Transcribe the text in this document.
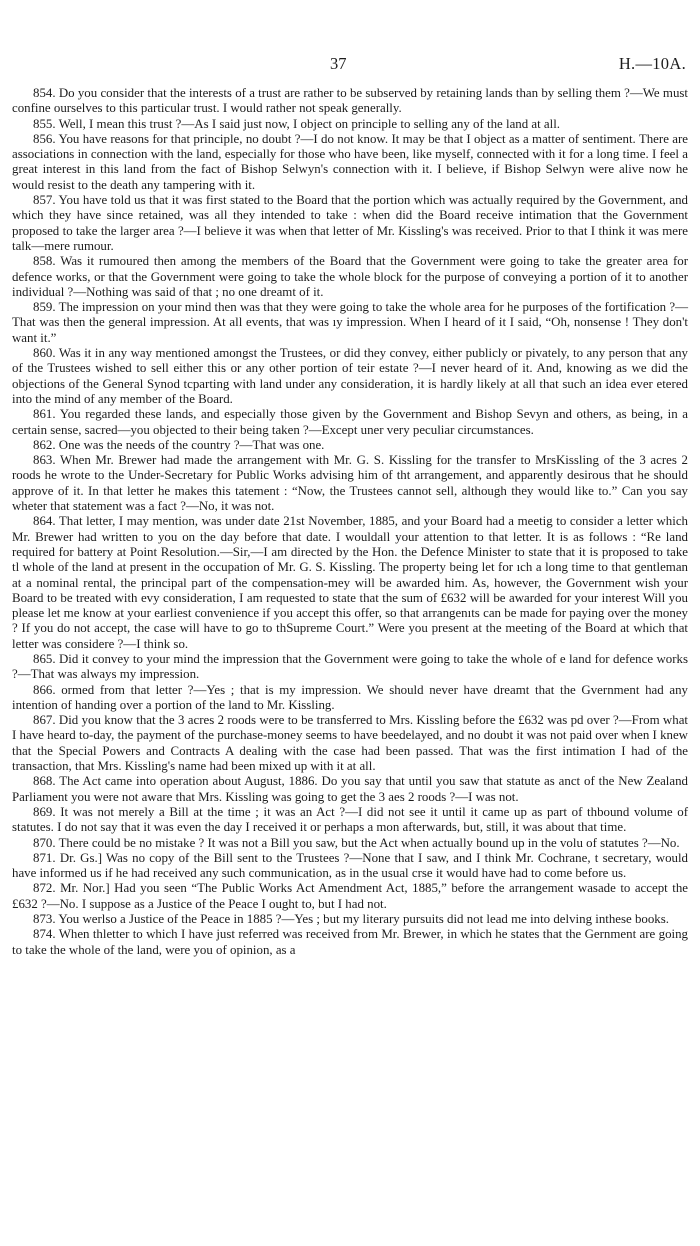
37	H.—10A.

854. Do you consider that the interests of a trust are rather to be subserved by retaining lands than by selling them ?—We must confine ourselves to this particular trust. I would rather not speak generally.

855. Well, I mean this trust ?—As I said just now, I object on principle to selling any of the land at all.

856. You have reasons for that principle, no doubt ?—I do not know. It may be that I object as a matter of sentiment. There are associations in connection with the land, especially for those who have been, like myself, connected with it for a long time. I feel a great interest in this land from the fact of Bishop Selwyn's connection with it. I believe, if Bishop Selwyn were alive now he would resist to the death any tampering with it.

857. You have told us that it was first stated to the Board that the portion which was actually required by the Government, and which they have since retained, was all they intended to take : when did the Board receive intimation that the Government proposed to take the larger area ?—I believe it was when that letter of Mr. Kissling's was received. Prior to that I think it was mere talk—mere rumour.

858. Was it rumoured then among the members of the Board that the Government were going to take the greater area for defence works, or that the Government were going to take the whole block for the purpose of conveying a portion of it to another individual ?—Nothing was said of that ; no one dreamt of it.

859. The impression on your mind then was that they were going to take the whole area for he purposes of the fortification ?—That was then the general impression. At all events, that was ıy impression. When I heard of it I said, “Oh, nonsense ! They don't want it.”

860. Was it in any way mentioned amongst the Trustees, or did they convey, either publicly or pivately, to any person that any of the Trustees wished to sell either this or any other portion of teir estate ?—I never heard of it. And, knowing as we did the objections of the General Synod tcparting with land under any consideration, it is hardly likely at all that such an idea ever etered into the mind of any member of the Board.

861. You regarded these lands, and especially those given by the Government and Bishop Sevyn and others, as being, in a certain sense, sacred—you objected to their being taken ?—Except uner very peculiar circumstances.

862. One was the needs of the country ?—That was one.

863. When Mr. Brewer had made the arrangement with Mr. G. S. Kissling for the transfer to MrsKissling of the 3 acres 2 roods he wrote to the Under-Secretary for Public Works advising him of tht arrangement, and apparently desirous that he should approve of it. In that letter he makes this tatement : “Now, the Trustees cannot sell, although they would like to.” Can you say wheter that statement was a fact ?—No, it was not.

864. That letter, I may mention, was under date 21st November, 1885, and your Board had a meetig to consider a letter which Mr. Brewer had written to you on the day before that date. I wouldall your attention to that letter. It is as follows : “Re land required for battery at Point Resolution.—Sir,—I am directed by the Hon. the Defence Minister to state that it is proposed to take tl whole of the land at present in the occupation of Mr. G. S. Kissling. The property being let for ıch a long time to that gentleman at a nominal rental, the principal part of the compensation-mey will be awarded him. As, however, the Government wish your Board to be treated with evy consideration, I am requested to state that the sum of £632 will be awarded for your interest Will you please let me know at your earliest convenience if you accept this offer, so that arrangenıts can be made for paying over the money ? If you do not accept, the case will have to go to thSupreme Court.” Were you present at the meeting of the Board at which that letter was considere ?—I think so.

865. Did it convey to your mind the impression that the Government were going to take the whole of e land for defence works ?—That was always my impression.

866. ormed from that letter ?—Yes ; that is my impression. We should never have dreamt that the Gvernment had any intention of handing over a portion of the land to Mr. Kissling.

867. Did you know that the 3 acres 2 roods were to be transferred to Mrs. Kissling before the £632 was pd over ?—From what I have heard to-day, the payment of the purchase-money seems to have beedelayed, and no doubt it was not paid over when I knew that the Special Powers and Contracts A dealing with the case had been passed. That was the first intimation I had of the transaction, that Mrs. Kissling's name had been mixed up with it at all.

868. The Act came into operation about August, 1886. Do you say that until you saw that statute as anct of the New Zealand Parliament you were not aware that Mrs. Kissling was going to get the 3 aes 2 roods ?—I was not.

869. It was not merely a Bill at the time ; it was an Act ?—I did not see it until it came up as part of thbound volume of statutes. I do not say that it was even the day I received it or perhaps a mon afterwards, but, still, it was about that time.

870. There could be no mistake ? It was not a Bill you saw, but the Act when actually bound up in the volu of statutes ?—No.

871. Dr. Gs.] Was no copy of the Bill sent to the Trustees ?—None that I saw, and I think Mr. Cochrane, t secretary, would have informed us if he had received any such communication, as in the usual crse it would have had to come before us.

872. Mr. Nor.] Had you seen “The Public Works Act Amendment Act, 1885,” before the arrangement wasade to accept the £632 ?—No. I suppose as a Justice of the Peace I ought to, but I had not.

873. You werlso a Justice of the Peace in 1885 ?—Yes ; but my literary pursuits did not lead me into delving inthese books.

874. When thletter to which I have just referred was received from Mr. Brewer, in which he states that the Gernment are going to take the whole of the land, were you of opinion, as a
